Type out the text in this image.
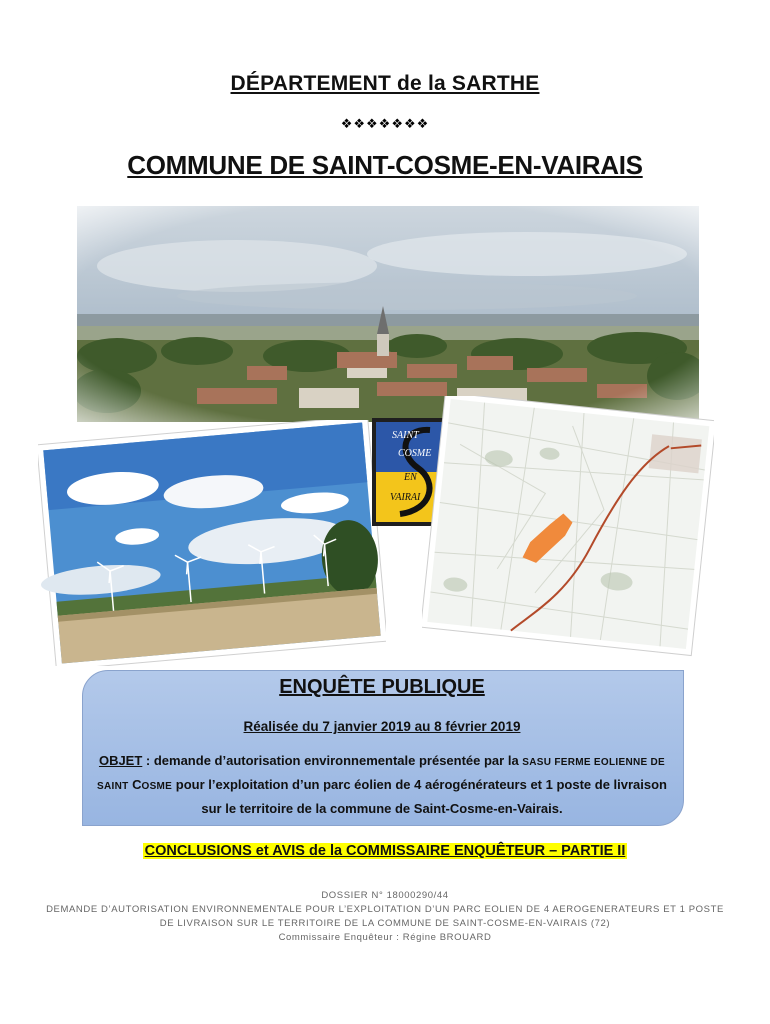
DÉPARTEMENT de la SARTHE
❖❖❖❖❖❖❖
COMMUNE DE SAINT-COSME-EN-VAIRAIS
SAINT
COSME
EN
VAIRAI
ENQUÊTE PUBLIQUE
Réalisée du 7 janvier 2019 au 8 février 2019
OBJET : demande d’autorisation environnementale présentée par la SASU FERME EOLIENNE DE SAINT COSME pour l’exploitation d’un parc éolien de 4 aérogénérateurs et 1 poste de livraison sur le territoire de la commune de Saint-Cosme-en-Vairais.
CONCLUSIONS et AVIS de la COMMISSAIRE ENQUÊTEUR – PARTIE II
DOSSIER N° 18000290/44
DEMANDE D’AUTORISATION ENVIRONNEMENTALE POUR L’EXPLOITATION D’UN PARC EOLIEN DE 4 AEROGENERATEURS ET 1 POSTE
DE LIVRAISON SUR LE TERRITOIRE DE LA COMMUNE DE SAINT-COSME-EN-VAIRAIS (72)
Commissaire Enquêteur : Régine BROUARD
